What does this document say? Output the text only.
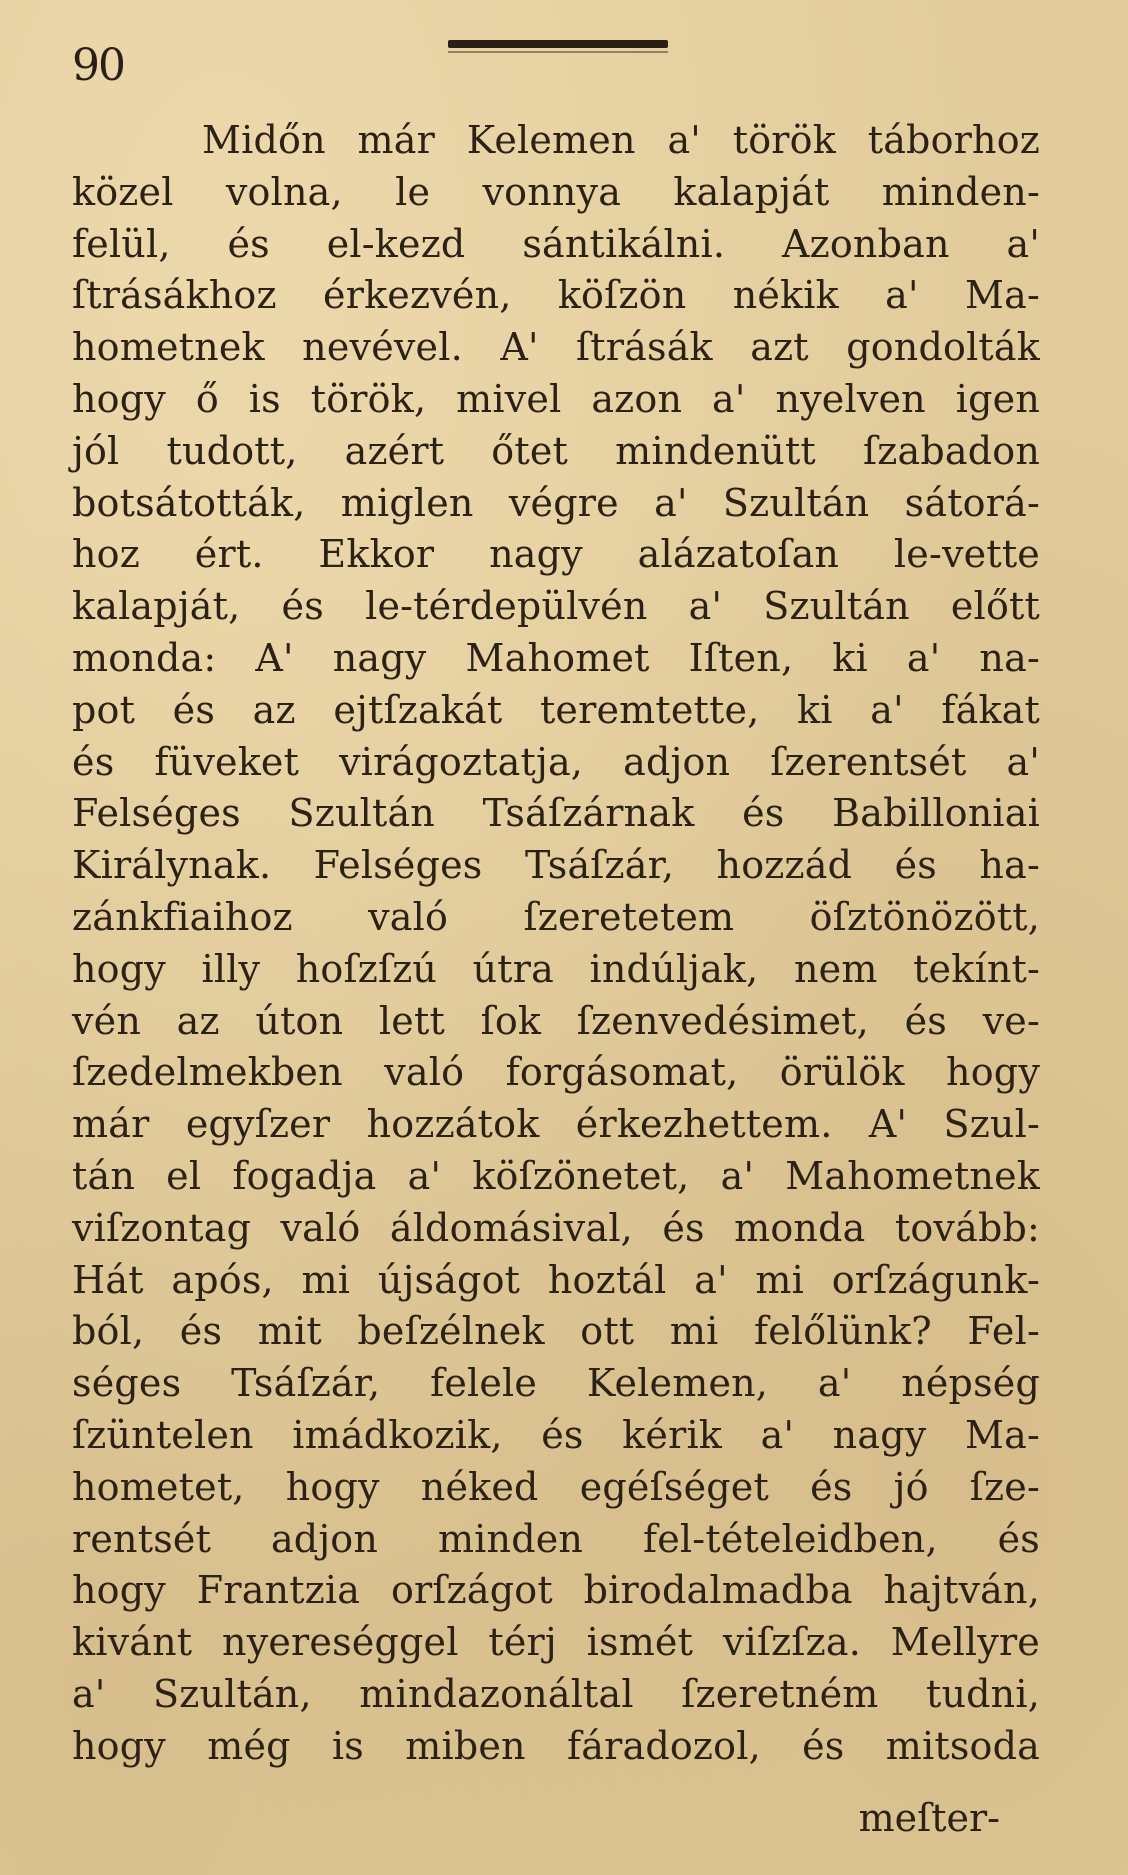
90
Midőn már Kelemen a' török táborhoz
közel volna, le vonnya kalapját minden-
felül, és el-kezd sántikálni. Azonban a'
ſtrásákhoz érkezvén, köſzön nékik a' Ma-
hometnek nevével. A' ſtrásák azt gondolták
hogy ő is török, mivel azon a' nyelven igen
jól tudott, azért őtet mindenütt ſzabadon
botsátották, miglen végre a' Szultán sátorá-
hoz ért. Ekkor nagy alázatoſan le-vette
kalapját, és le-térdepülvén a' Szultán előtt
monda: A' nagy Mahomet Iſten, ki a' na-
pot és az ejtſzakát teremtette, ki a' fákat
és füveket virágoztatja, adjon ſzerentsét a'
Felséges Szultán Tsáſzárnak és Babilloniai
Királynak. Felséges Tsáſzár, hozzád és ha-
zánkfiaihoz való ſzeretetem öſztönözött,
hogy illy hoſzſzú útra indúljak, nem tekínt-
vén az úton lett ſok ſzenvedésimet, és ve-
ſzedelmekben való forgásomat, örülök hogy
már egyſzer hozzátok érkezhettem. A' Szul-
tán el fogadja a' köſzönetet, a' Mahometnek
viſzontag való áldomásival, és monda tovább:
Hát após, mi újságot hoztál a' mi orſzágunk-
ból, és mit beſzélnek ott mi felőlünk? Fel-
séges Tsáſzár, felele Kelemen, a' népség
ſzüntelen imádkozik, és kérik a' nagy Ma-
hometet, hogy néked egéſséget és jó ſze-
rentsét adjon minden fel-tételeidben, és
hogy Frantzia orſzágot birodalmadba hajtván,
kivánt nyereséggel térj ismét viſzſza. Mellyre
a' Szultán, mindazonáltal ſzeretném tudni,
hogy még is miben fáradozol, és mitsoda
meſter-
